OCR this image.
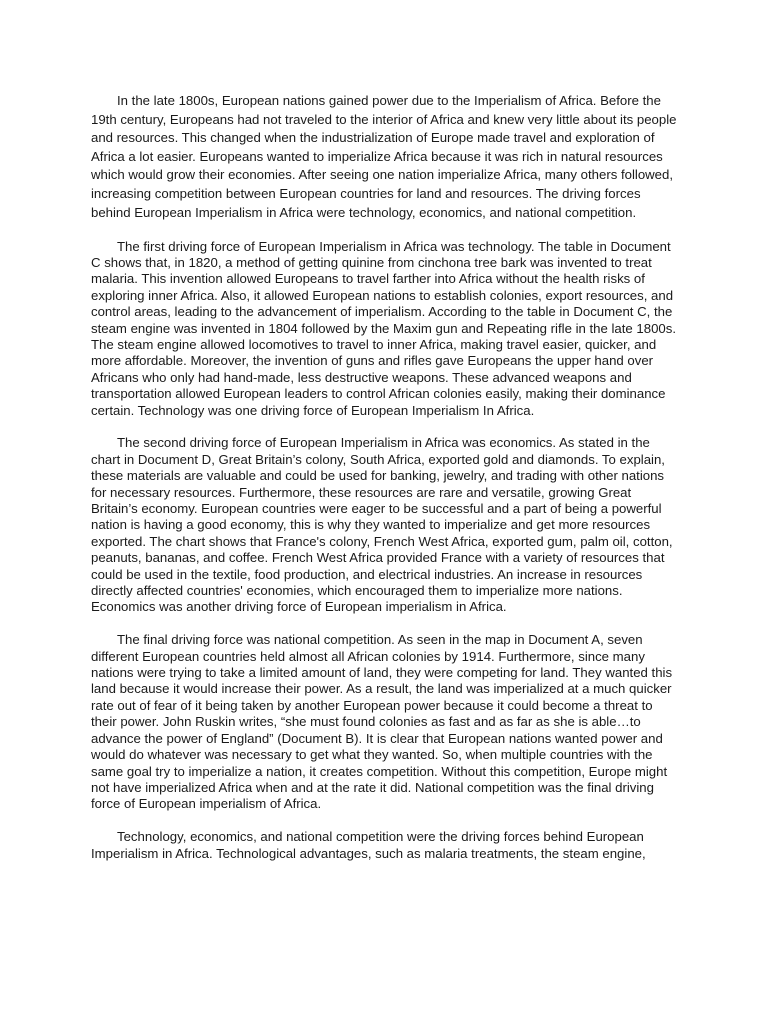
In the late 1800s, European nations gained power due to the Imperialism of Africa. Before the 19th century, Europeans had not traveled to the interior of Africa and knew very little about its people and resources. This changed when the industrialization of Europe made travel and exploration of Africa a lot easier. Europeans wanted to imperialize Africa because it was rich in natural resources which would grow their economies. After seeing one nation imperialize Africa, many others followed, increasing competition between European countries for land and resources. The driving forces behind European Imperialism in Africa were technology, economics, and national competition.

The first driving force of European Imperialism in Africa was technology. The table in Document C shows that, in 1820, a method of getting quinine from cinchona tree bark was invented to treat malaria. This invention allowed Europeans to travel farther into Africa without the health risks of exploring inner Africa. Also, it allowed European nations to establish colonies, export resources, and control areas, leading to the advancement of imperialism. According to the table in Document C, the steam engine was invented in 1804 followed by the Maxim gun and Repeating rifle in the late 1800s. The steam engine allowed locomotives to travel to inner Africa, making travel easier, quicker, and more affordable. Moreover, the invention of guns and rifles gave Europeans the upper hand over Africans who only had hand-made, less destructive weapons. These advanced weapons and transportation allowed European leaders to control African colonies easily, making their dominance certain. Technology was one driving force of European Imperialism In Africa.

The second driving force of European Imperialism in Africa was economics. As stated in the chart in Document D, Great Britain’s colony, South Africa, exported gold and diamonds. To explain, these materials are valuable and could be used for banking, jewelry, and trading with other nations for necessary resources. Furthermore, these resources are rare and versatile, growing Great Britain’s economy. European countries were eager to be successful and a part of being a powerful nation is having a good economy, this is why they wanted to imperialize and get more resources exported. The chart shows that France's colony, French West Africa, exported gum, palm oil, cotton, peanuts, bananas, and coffee. French West Africa provided France with a variety of resources that could be used in the textile, food production, and electrical industries. An increase in resources directly affected countries' economies, which encouraged them to imperialize more nations. Economics was another driving force of European imperialism in Africa.

The final driving force was national competition. As seen in the map in Document A, seven different European countries held almost all African colonies by 1914. Furthermore, since many nations were trying to take a limited amount of land, they were competing for land. They wanted this land because it would increase their power. As a result, the land was imperialized at a much quicker rate out of fear of it being taken by another European power because it could become a threat to their power. John Ruskin writes, “she must found colonies as fast and as far as she is able…to advance the power of England” (Document B). It is clear that European nations wanted power and would do whatever was necessary to get what they wanted. So, when multiple countries with the same goal try to imperialize a nation, it creates competition. Without this competition, Europe might not have imperialized Africa when and at the rate it did. National competition was the final driving force of European imperialism of Africa.

Technology, economics, and national competition were the driving forces behind European Imperialism in Africa. Technological advantages, such as malaria treatments, the steam engine,
